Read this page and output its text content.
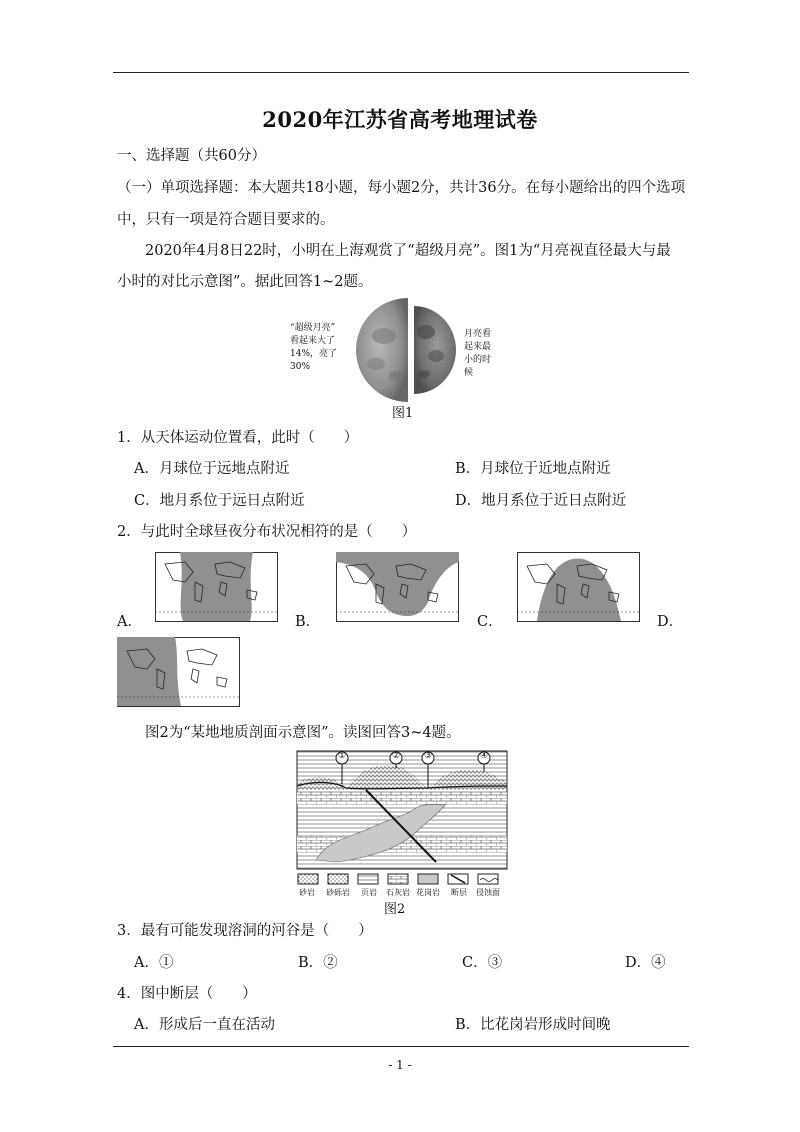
2020年江苏省高考地理试卷
一、选择题（共60分）
（一）单项选择题：本大题共18小题，每小题2分，共计36分。在每小题给出的四个选项
中，只有一项是符合题目要求的。
2020年4月8日22时，小明在上海观赏了“超级月亮”。图1为“月亮视直径最大与最
小时的对比示意图”。据此回答1~2题。
“超级月亮”
看起来大了
14%，亮了
30%
月亮看
起来最
小的时
候
图1
1．从天体运动位置看，此时（　　）
A．月球位于远地点附近	B．月球位于近地点附近
C．地月系位于远日点附近	D．地月系位于近日点附近
2．与此时全球昼夜分布状况相符的是（　　）
A．	B．	C．	D．
图2为“某地地质剖面示意图”。读图回答3~4题。
①	②	③	④
砂岩 砂砾岩 页岩 石灰岩 花岗岩 断层 侵蚀面
图2
3．最有可能发现溶洞的河谷是（　　）
A．①	B．②	C．③	D．④
4．图中断层（　　）
A．形成后一直在活动	B．比花岗岩形成时间晚
- 1 -
